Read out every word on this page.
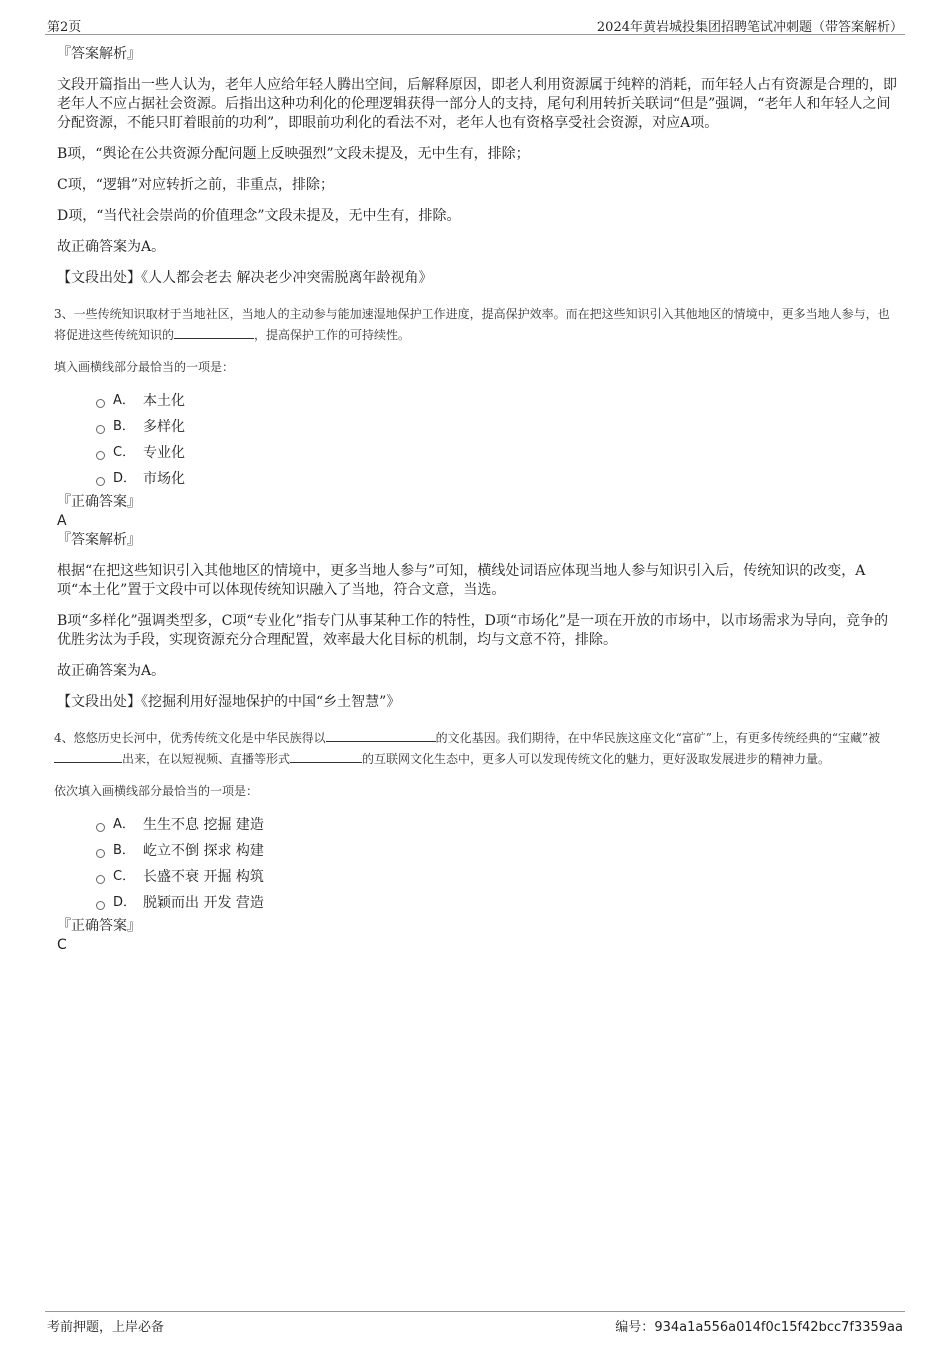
第2页	2024年黄岩城投集团招聘笔试冲刺题（带答案解析）

『答案解析』

文段开篇指出一些人认为，老年人应给年轻人腾出空间，后解释原因，即老人利用资源属于纯粹的消耗，而年轻人占有资源是合理的，即老年人不应占据社会资源。后指出这种功利化的伦理逻辑获得一部分人的支持，尾句利用转折关联词“但是”强调，“老年人和年轻人之间分配资源，不能只盯着眼前的功利”，即眼前功利化的看法不对，老年人也有资格享受社会资源，对应A项。

B项，“舆论在公共资源分配问题上反映强烈”文段未提及，无中生有，排除；

C项，“逻辑”对应转折之前，非重点，排除；

D项，“当代社会崇尚的价值理念”文段未提及，无中生有，排除。

故正确答案为A。

【文段出处】《人人都会老去 解决老少冲突需脱离年龄视角》

3、一些传统知识取材于当地社区，当地人的主动参与能加速湿地保护工作进度，提高保护效率。而在把这些知识引入其他地区的情境中，更多当地人参与，也将促进这些传统知识的	，提高保护工作的可持续性。

填入画横线部分最恰当的一项是：

A． 本土化
B． 多样化
C． 专业化
D． 市场化

『正确答案』

A

『答案解析』

根据“在把这些知识引入其他地区的情境中，更多当地人参与”可知，横线处词语应体现当地人参与知识引入后，传统知识的改变，A项“本土化”置于文段中可以体现传统知识融入了当地，符合文意，当选。

B项“多样化”强调类型多，C项“专业化”指专门从事某种工作的特性，D项“市场化”是一项在开放的市场中，以市场需求为导向，竞争的优胜劣汰为手段，实现资源充分合理配置，效率最大化目标的机制，均与文意不符，排除。

故正确答案为A。

【文段出处】《挖掘利用好湿地保护的中国“乡土智慧”》

4、悠悠历史长河中，优秀传统文化是中华民族得以	的文化基因。我们期待，在中华民族这座文化“富矿”上，有更多传统经典的“宝藏”被出来，在以短视频、直播等形式	的互联网文化生态中，更多人可以发现传统文化的魅力，更好汲取发展进步的精神力量。

依次填入画横线部分最恰当的一项是：

A． 生生不息 挖掘 建造
B． 屹立不倒 探求 构建
C． 长盛不衰 开掘 构筑
D． 脱颖而出 开发 营造

『正确答案』

C

考前押题，上岸必备	编号：934a1a556a014f0c15f42bcc7f3359aa
